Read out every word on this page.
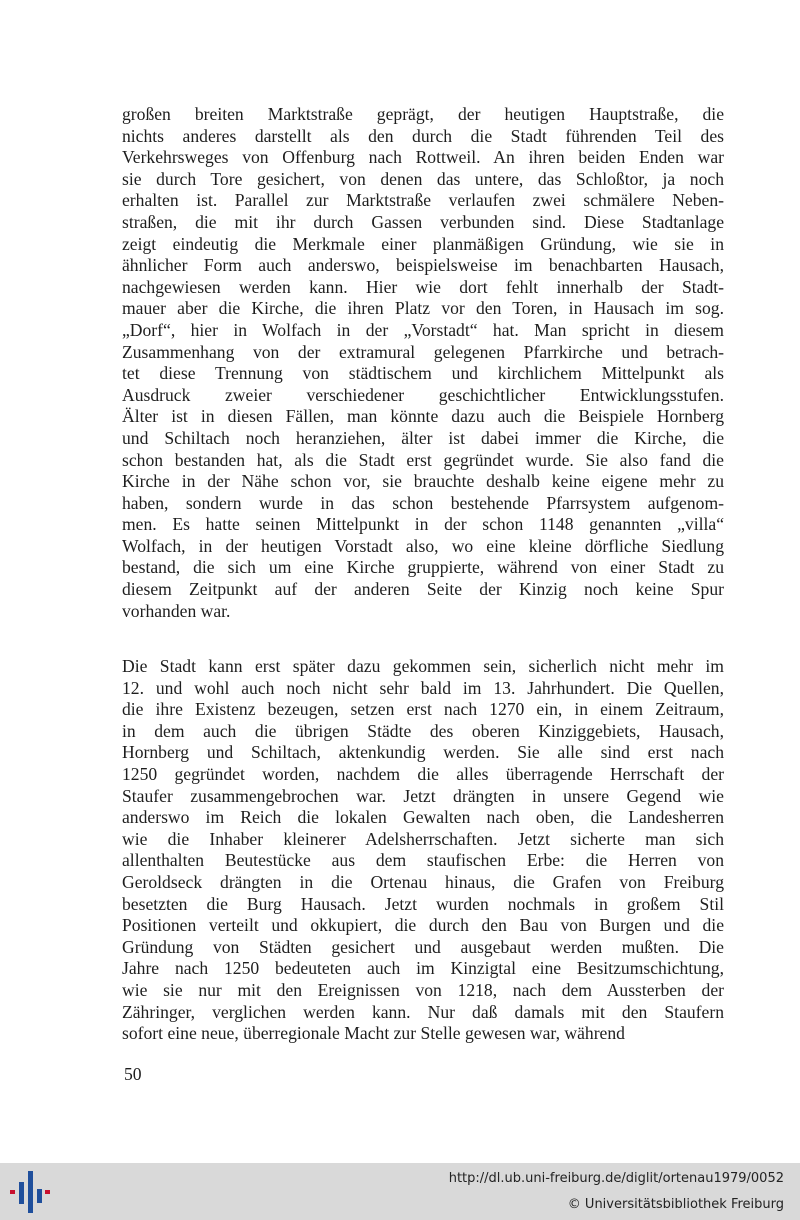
großen breiten Marktstraße geprägt, der heutigen Hauptstraße, die
nichts anderes darstellt als den durch die Stadt führenden Teil des
Verkehrsweges von Offenburg nach Rottweil. An ihren beiden Enden war
sie durch Tore gesichert, von denen das untere, das Schloßtor, ja noch
erhalten ist. Parallel zur Marktstraße verlaufen zwei schmälere Neben-
straßen, die mit ihr durch Gassen verbunden sind. Diese Stadtanlage
zeigt eindeutig die Merkmale einer planmäßigen Gründung, wie sie in
ähnlicher Form auch anderswo, beispielsweise im benachbarten Hausach,
nachgewiesen werden kann. Hier wie dort fehlt innerhalb der Stadt-
mauer aber die Kirche, die ihren Platz vor den Toren, in Hausach im sog.
„Dorf“, hier in Wolfach in der „Vorstadt“ hat. Man spricht in diesem
Zusammenhang von der extramural gelegenen Pfarrkirche und betrach-
tet diese Trennung von städtischem und kirchlichem Mittelpunkt als
Ausdruck zweier verschiedener geschichtlicher Entwicklungsstufen.
Älter ist in diesen Fällen, man könnte dazu auch die Beispiele Hornberg
und Schiltach noch heranziehen, älter ist dabei immer die Kirche, die
schon bestanden hat, als die Stadt erst gegründet wurde. Sie also fand die
Kirche in der Nähe schon vor, sie brauchte deshalb keine eigene mehr zu
haben, sondern wurde in das schon bestehende Pfarrsystem aufgenom-
men. Es hatte seinen Mittelpunkt in der schon 1148 genannten „villa“
Wolfach, in der heutigen Vorstadt also, wo eine kleine dörfliche Siedlung
bestand, die sich um eine Kirche gruppierte, während von einer Stadt zu
diesem Zeitpunkt auf der anderen Seite der Kinzig noch keine Spur
vorhanden war.
Die Stadt kann erst später dazu gekommen sein, sicherlich nicht mehr im
12. und wohl auch noch nicht sehr bald im 13. Jahrhundert. Die Quellen,
die ihre Existenz bezeugen, setzen erst nach 1270 ein, in einem Zeitraum,
in dem auch die übrigen Städte des oberen Kinziggebiets, Hausach,
Hornberg und Schiltach, aktenkundig werden. Sie alle sind erst nach
1250 gegründet worden, nachdem die alles überragende Herrschaft der
Staufer zusammengebrochen war. Jetzt drängten in unsere Gegend wie
anderswo im Reich die lokalen Gewalten nach oben, die Landesherren
wie die Inhaber kleinerer Adelsherrschaften. Jetzt sicherte man sich
allenthalten Beutestücke aus dem staufischen Erbe: die Herren von
Geroldseck drängten in die Ortenau hinaus, die Grafen von Freiburg
besetzten die Burg Hausach. Jetzt wurden nochmals in großem Stil
Positionen verteilt und okkupiert, die durch den Bau von Burgen und die
Gründung von Städten gesichert und ausgebaut werden mußten. Die
Jahre nach 1250 bedeuteten auch im Kinzigtal eine Besitzumschichtung,
wie sie nur mit den Ereignissen von 1218, nach dem Aussterben der
Zähringer, verglichen werden kann. Nur daß damals mit den Staufern
sofort eine neue, überregionale Macht zur Stelle gewesen war, während
50
http://dl.ub.uni-freiburg.de/diglit/ortenau1979/0052
© Universitätsbibliothek Freiburg
